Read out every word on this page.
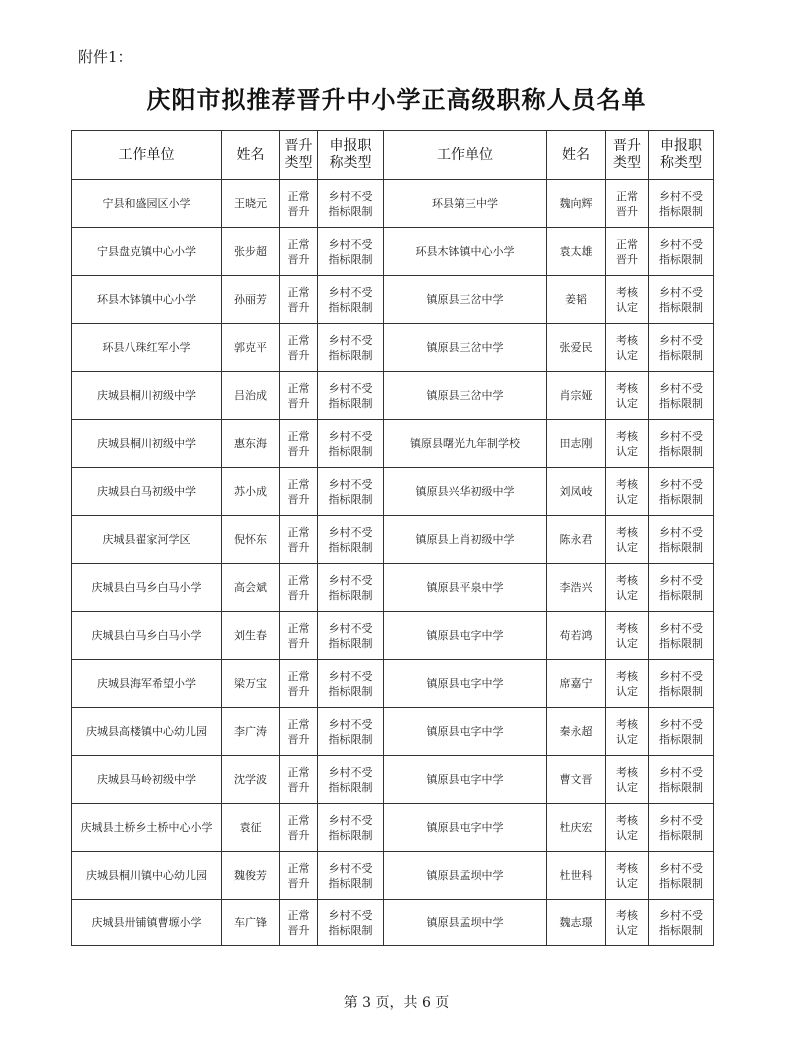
附件1：
庆阳市拟推荐晋升中小学正高级职称人员名单
工作单位	姓名	晋升类型	申报职称类型	工作单位	姓名	晋升类型	申报职称类型
宁县和盛园区小学	王晓元	正常晋升	乡村不受指标限制	环县第三中学	魏向辉	正常晋升	乡村不受指标限制
宁县盘克镇中心小学	张步超	正常晋升	乡村不受指标限制	环县木钵镇中心小学	袁太雄	正常晋升	乡村不受指标限制
环县木钵镇中心小学	孙丽芳	正常晋升	乡村不受指标限制	镇原县三岔中学	姜韬	考核认定	乡村不受指标限制
环县八珠红军小学	郭克平	正常晋升	乡村不受指标限制	镇原县三岔中学	张爱民	考核认定	乡村不受指标限制
庆城县桐川初级中学	吕治成	正常晋升	乡村不受指标限制	镇原县三岔中学	肖宗娅	考核认定	乡村不受指标限制
庆城县桐川初级中学	惠东海	正常晋升	乡村不受指标限制	镇原县曙光九年制学校	田志刚	考核认定	乡村不受指标限制
庆城县白马初级中学	苏小成	正常晋升	乡村不受指标限制	镇原县兴华初级中学	刘凤岐	考核认定	乡村不受指标限制
庆城县翟家河学区	倪怀东	正常晋升	乡村不受指标限制	镇原县上肖初级中学	陈永君	考核认定	乡村不受指标限制
庆城县白马乡白马小学	高会斌	正常晋升	乡村不受指标限制	镇原县平泉中学	李浩兴	考核认定	乡村不受指标限制
庆城县白马乡白马小学	刘生春	正常晋升	乡村不受指标限制	镇原县屯字中学	苟若鸿	考核认定	乡村不受指标限制
庆城县海军希望小学	梁万宝	正常晋升	乡村不受指标限制	镇原县屯字中学	席嘉宁	考核认定	乡村不受指标限制
庆城县高楼镇中心幼儿园	李广涛	正常晋升	乡村不受指标限制	镇原县屯字中学	秦永超	考核认定	乡村不受指标限制
庆城县马岭初级中学	沈学波	正常晋升	乡村不受指标限制	镇原县屯字中学	曹文晋	考核认定	乡村不受指标限制
庆城县土桥乡土桥中心小学	袁征	正常晋升	乡村不受指标限制	镇原县屯字中学	杜庆宏	考核认定	乡村不受指标限制
庆城县桐川镇中心幼儿园	魏俊芳	正常晋升	乡村不受指标限制	镇原县孟坝中学	杜世科	考核认定	乡村不受指标限制
庆城县卅铺镇曹塬小学	车广锋	正常晋升	乡村不受指标限制	镇原县孟坝中学	魏志璟	考核认定	乡村不受指标限制
第 3 页，共 6 页
